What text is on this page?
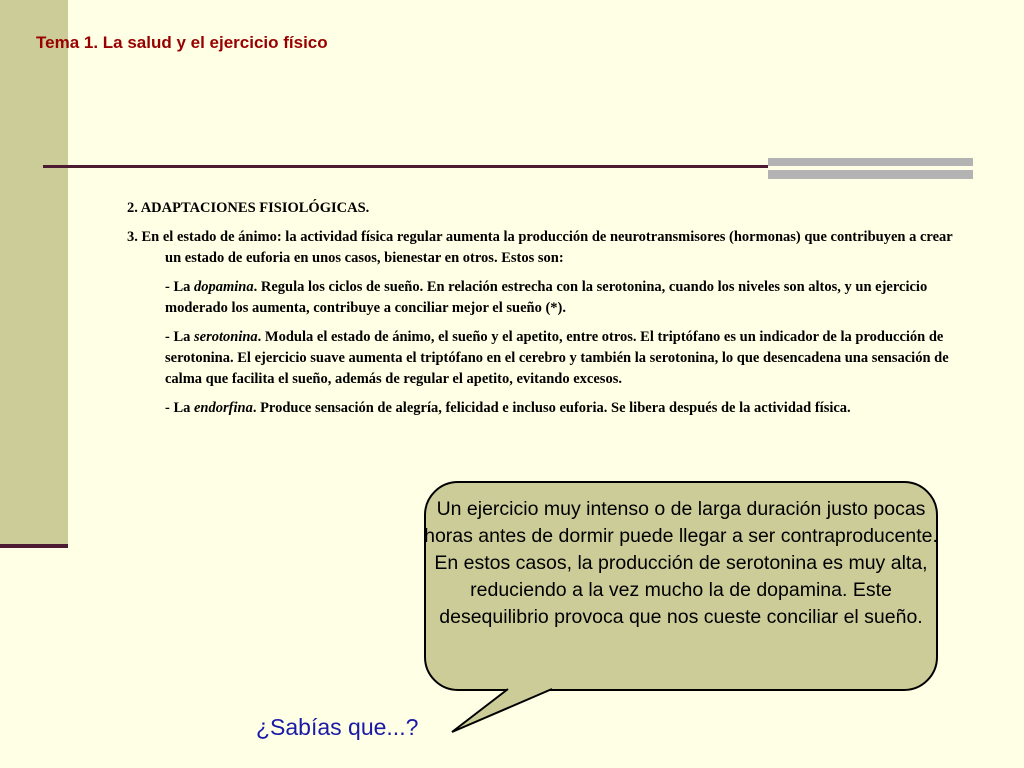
Tema 1. La salud y el ejercicio físico

2. ADAPTACIONES FISIOLÓGICAS.

3. En el estado de ánimo: la actividad física regular aumenta la producción de neurotransmisores (hormonas) que contribuyen a crear un estado de euforia en unos casos, bienestar en otros. Estos son:

- La dopamina. Regula los ciclos de sueño. En relación estrecha con la serotonina, cuando los niveles son altos, y un ejercicio moderado los aumenta, contribuye a conciliar mejor el sueño (*).

- La serotonina. Modula el estado de ánimo, el sueño y el apetito, entre otros. El triptófano es un indicador de la producción de serotonina. El ejercicio suave aumenta el triptófano en el cerebro y también la serotonina, lo que desencadena una sensación de calma que facilita el sueño, además de regular el apetito, evitando excesos.

- La endorfina. Produce sensación de alegría, felicidad e incluso euforia. Se libera después de la actividad física.

Un ejercicio muy intenso o de larga duración justo pocas horas antes de dormir puede llegar a ser contraproducente. En estos casos, la producción de serotonina es muy alta, reduciendo a la vez mucho la de dopamina. Este desequilibrio provoca que nos cueste conciliar el sueño.
¿Sabías que...?
